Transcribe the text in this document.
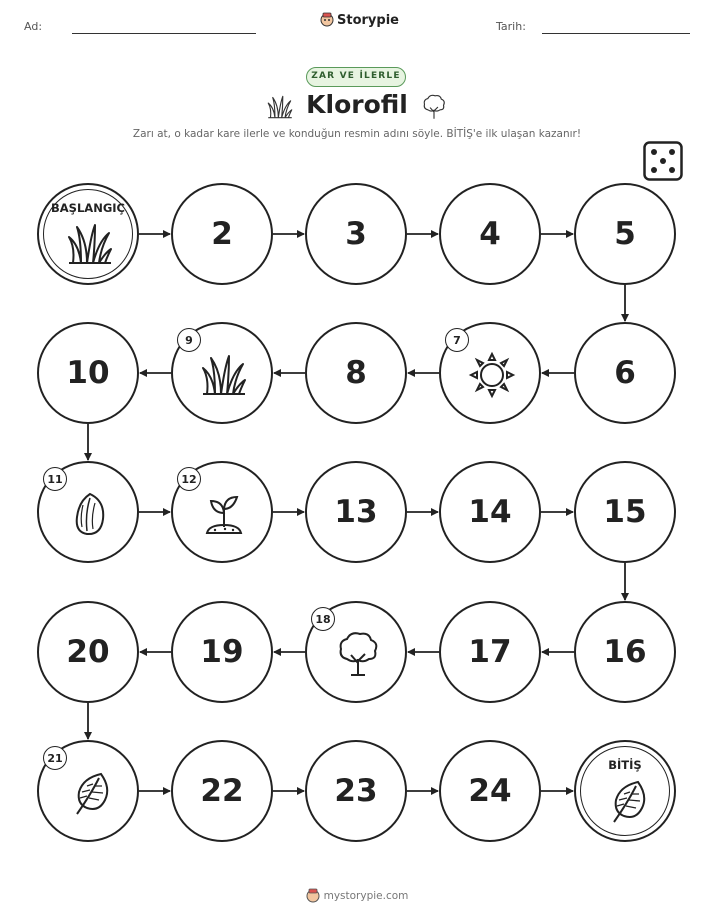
Ad:	Storypie	Tarih:
ZAR VE İLERLE
Klorofil
Zarı at, o kadar kare ilerle ve konduğun resmin adını söyle. BİTİŞ'e ilk ulaşan kazanır!
BAŞLANGIÇ
2	3	4	5
6
7
8
9
10
11	12
13	14	15
16
17
18
19
20
21
22	23	24
BİTİŞ
mystorypie.com
